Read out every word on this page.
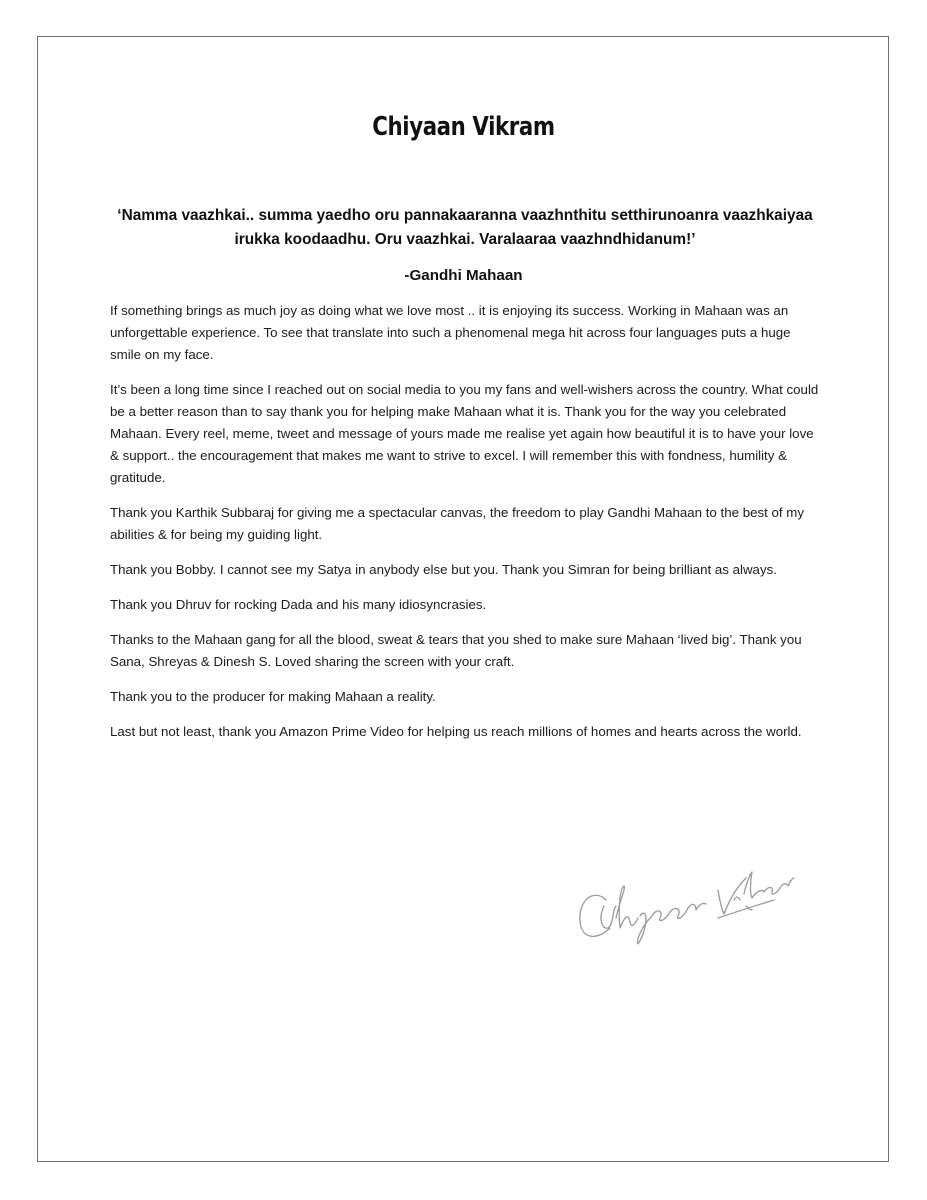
Chiyaan Vikram

‘Namma vaazhkai.. summa yaedho oru pannakaaranna vaazhnthitu setthirunoanra vaazhkaiyaa irukka koodaadhu. Oru vaazhkai. Varalaaraa vaazhndhidanum!’

-Gandhi Mahaan

If something brings as much joy as doing what we love most .. it is enjoying its success. Working in Mahaan was an unforgettable experience. To see that translate into such a phenomenal mega hit across four languages puts a huge smile on my face.

It’s been a long time since I reached out on social media to you my fans and well-wishers across the country. What could be a better reason than to say thank you for helping make Mahaan what it is. Thank you for the way you celebrated Mahaan. Every reel, meme, tweet and message of yours made me realise yet again how beautiful it is to have your love & support.. the encouragement that makes me want to strive to excel. I will remember this with fondness, humility & gratitude.

Thank you Karthik Subbaraj for giving me a spectacular canvas, the freedom to play Gandhi Mahaan to the best of my abilities & for being my guiding light.

Thank you Bobby. I cannot see my Satya in anybody else but you. Thank you Simran for being brilliant as always.

Thank you Dhruv for rocking Dada and his many idiosyncrasies.

Thanks to the Mahaan gang for all the blood, sweat & tears that you shed to make sure Mahaan ‘lived big’. Thank you Sana, Shreyas & Dinesh S. Loved sharing the screen with your craft.

Thank you to the producer for making Mahaan a reality.

Last but not least, thank you Amazon Prime Video for helping us reach millions of homes and hearts across the world.
